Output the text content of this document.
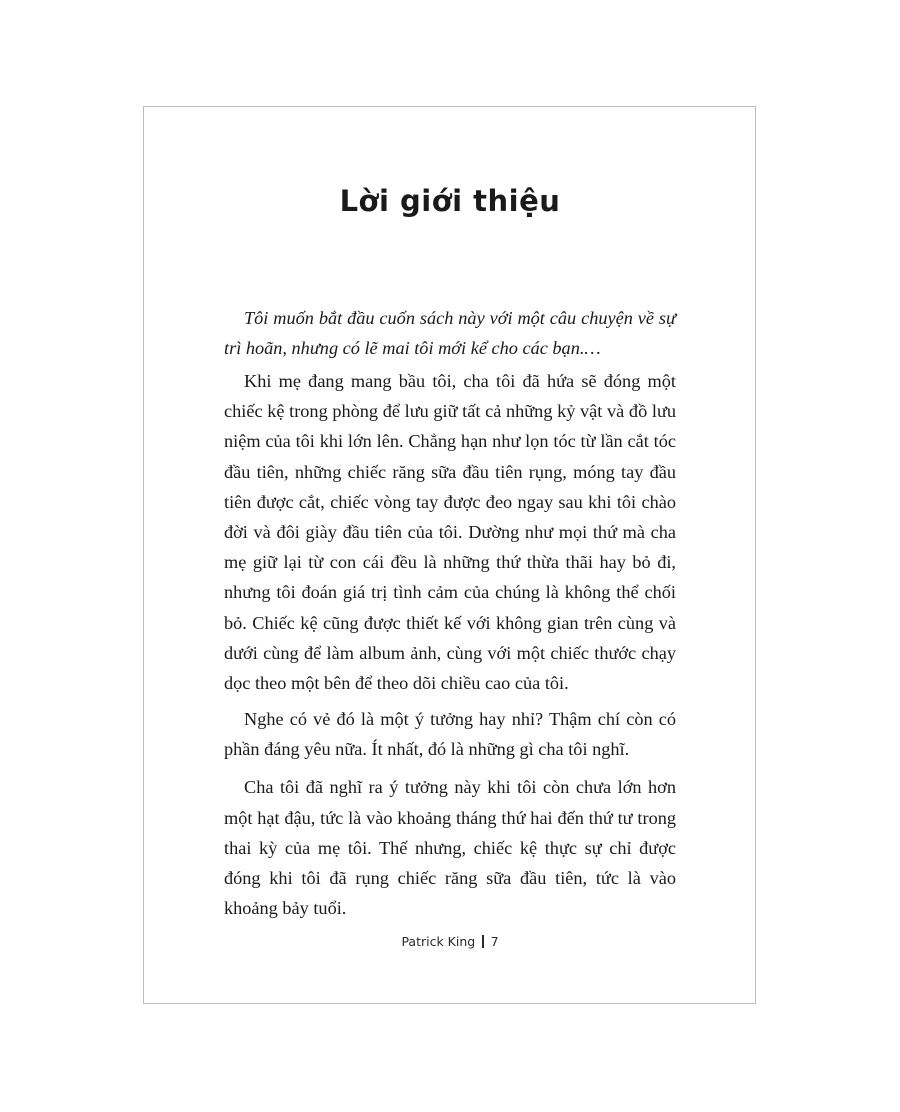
Lời giới thiệu

Tôi muốn bắt đầu cuốn sách này với một câu chuyện về sự trì hoãn, nhưng có lẽ mai tôi mới kể cho các bạn.…

Khi mẹ đang mang bầu tôi, cha tôi đã hứa sẽ đóng một chiếc kệ trong phòng để lưu giữ tất cả những kỷ vật và đồ lưu niệm của tôi khi lớn lên. Chẳng hạn như lọn tóc từ lần cắt tóc đầu tiên, những chiếc răng sữa đầu tiên rụng, móng tay đầu tiên được cắt, chiếc vòng tay được đeo ngay sau khi tôi chào đời và đôi giày đầu tiên của tôi. Dường như mọi thứ mà cha mẹ giữ lại từ con cái đều là những thứ thừa thãi hay bỏ đi, nhưng tôi đoán giá trị tình cảm của chúng là không thể chối bỏ. Chiếc kệ cũng được thiết kế với không gian trên cùng và dưới cùng để làm album ảnh, cùng với một chiếc thước chạy dọc theo một bên để theo dõi chiều cao của tôi.

Nghe có vẻ đó là một ý tưởng hay nhỉ? Thậm chí còn có phần đáng yêu nữa. Ít nhất, đó là những gì cha tôi nghĩ.

Cha tôi đã nghĩ ra ý tưởng này khi tôi còn chưa lớn hơn một hạt đậu, tức là vào khoảng tháng thứ hai đến thứ tư trong thai kỳ của mẹ tôi. Thế nhưng, chiếc kệ thực sự chỉ được đóng khi tôi đã rụng chiếc răng sữa đầu tiên, tức là vào khoảng bảy tuổi.

Patrick King 7
